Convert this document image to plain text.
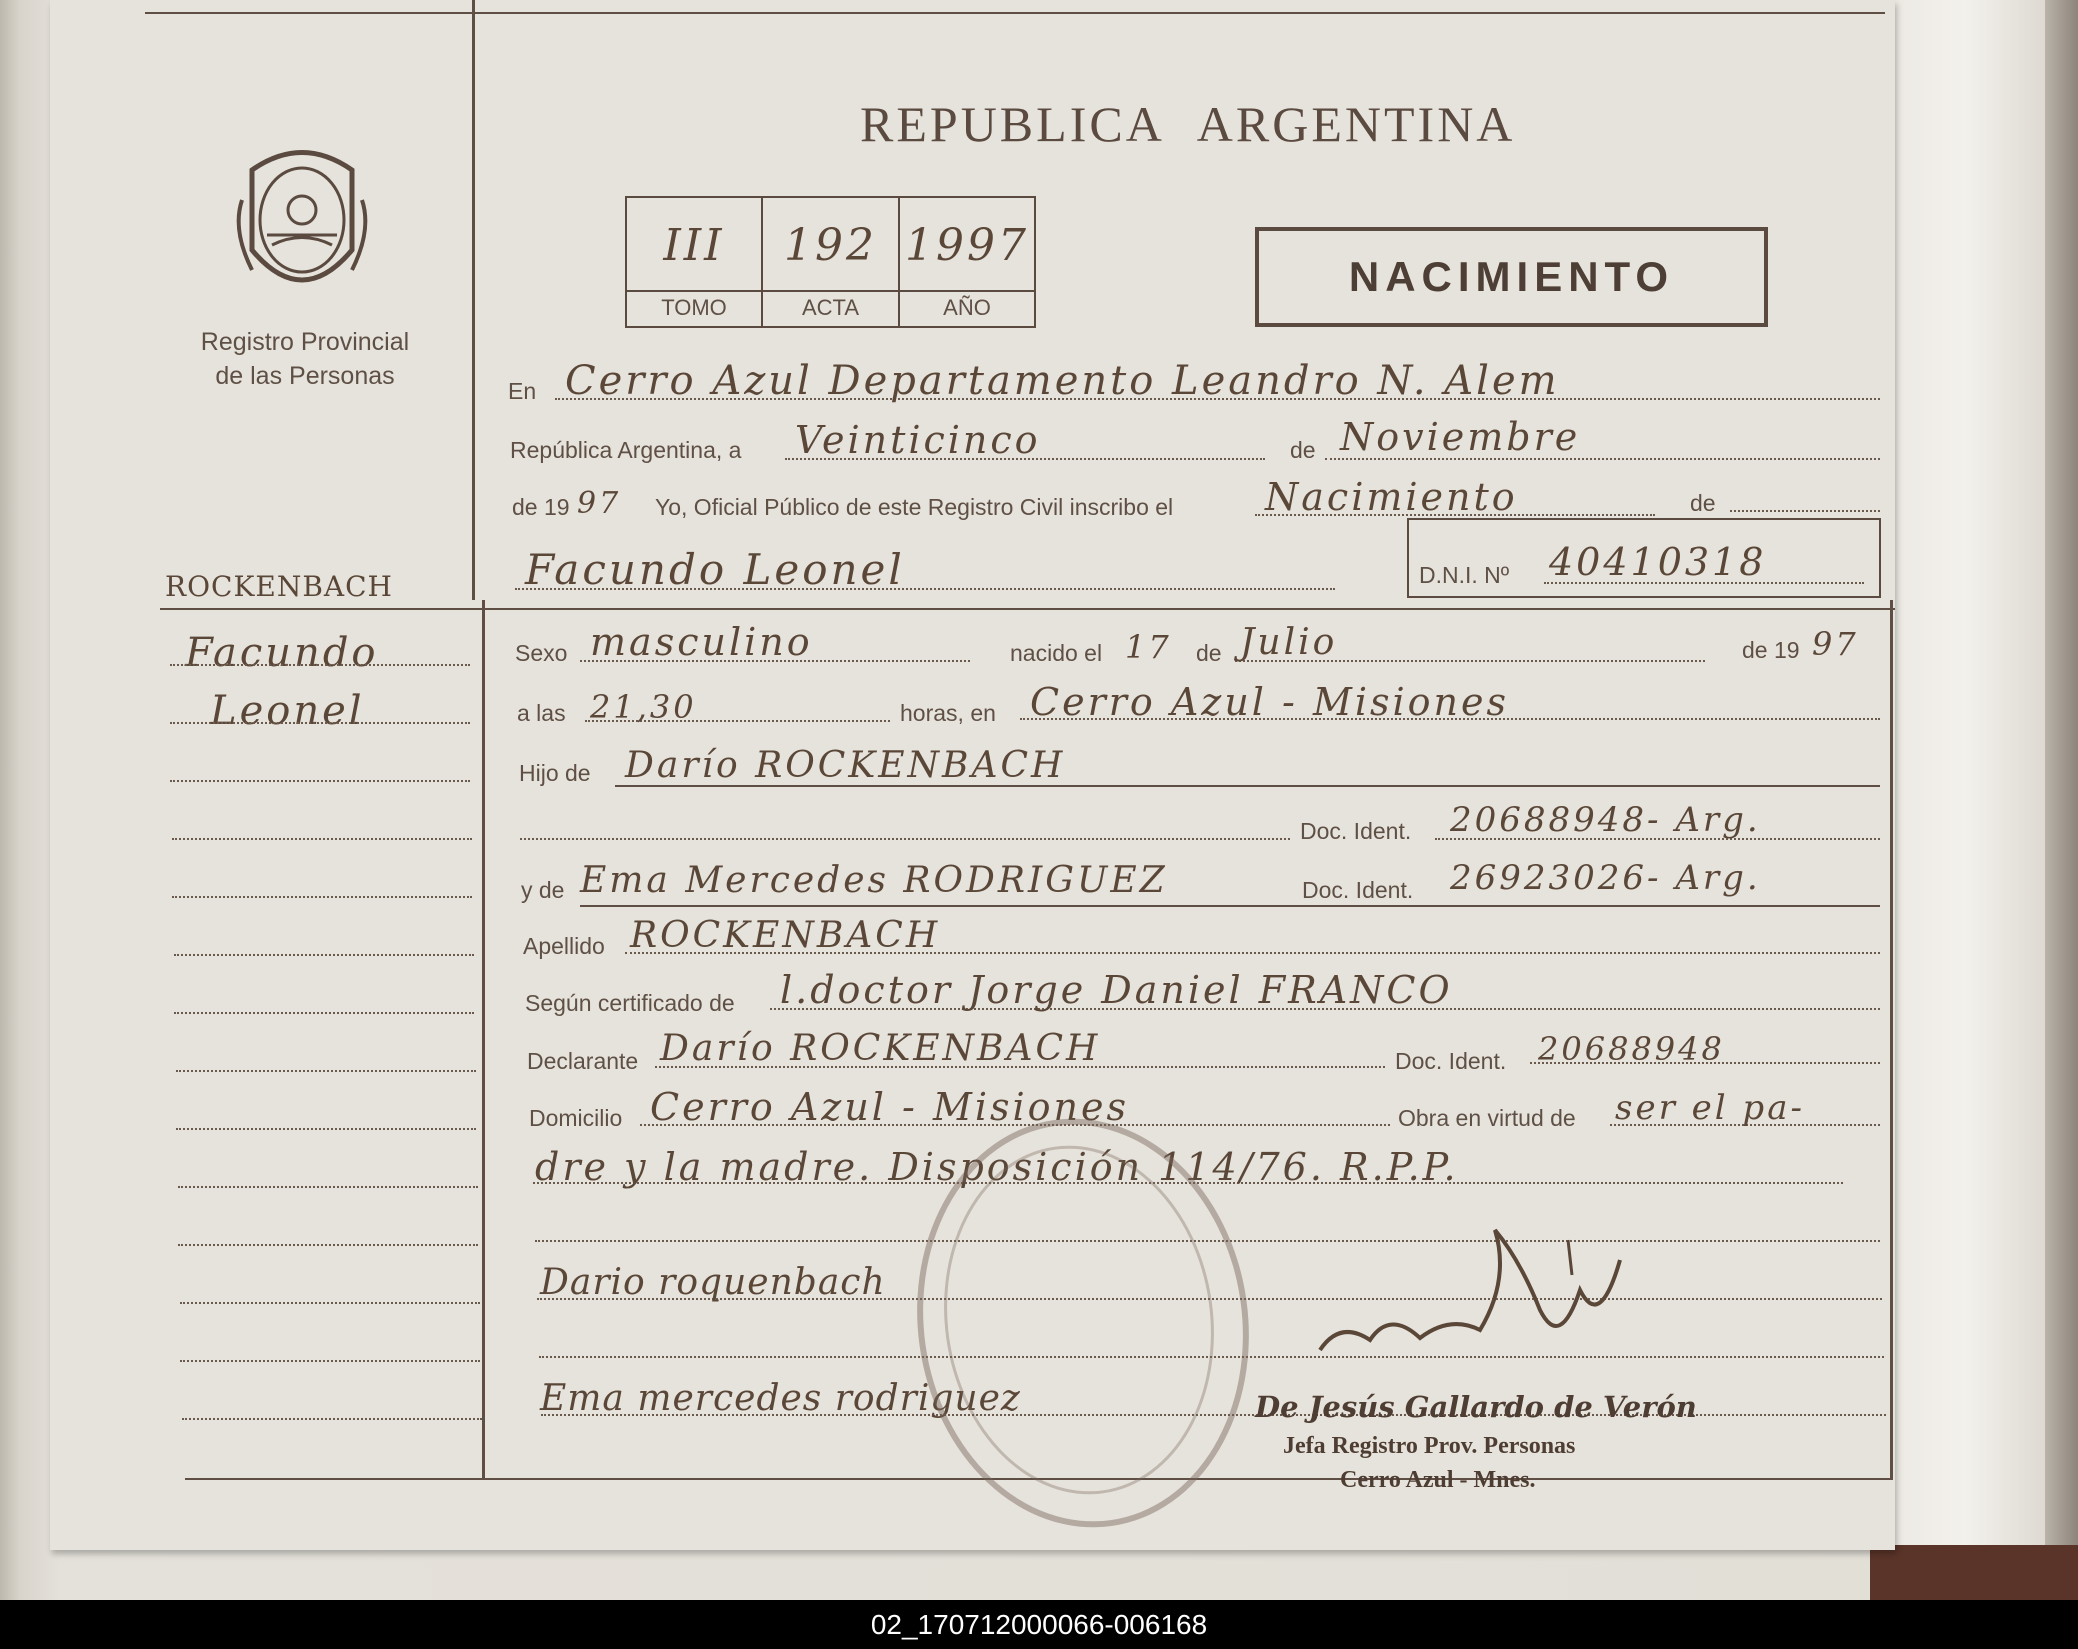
Registro Provincial
de las Personas
REPUBLICA ARGENTINA
III	192 1997
TOMO	ACTA	AÑO
NACIMIENTO
En Cerro Azul Departamento Leandro N. Alem
República Argentina, a Veinticinco	de Noviembre
de 19 97 Yo, Oficial Público de este Registro Civil inscribo el Nacimiento	de
Facundo Leonel	D.N.I. Nº 40410318
ROCKENBACH
Facundo
Leonel
Sexo masculino	nacido el 17 de Julio	de 19 97
a las 21,30	horas, en Cerro Azul - Misiones
Hijo de Darío ROCKENBACH
Doc. Ident. 20688948- Arg.
y de Ema Mercedes RODRIGUEZ	Doc. Ident. 26923026- Arg.
Apellido ROCKENBACH
Según certificado de l.doctor Jorge Daniel FRANCO
Declarante Darío ROCKENBACH	Doc. Ident. 20688948
Domicilio Cerro Azul - Misiones	Obra en virtud de ser el pa-
dre y la madre. Disposición 114/76. R.P.P.
Dario roquenbach
Ema mercedes rodriguez	De Jesús Gallardo de Verón
Jefa Registro Prov. Personas
Cerro Azul - Mnes.
02_170712000066-006168
